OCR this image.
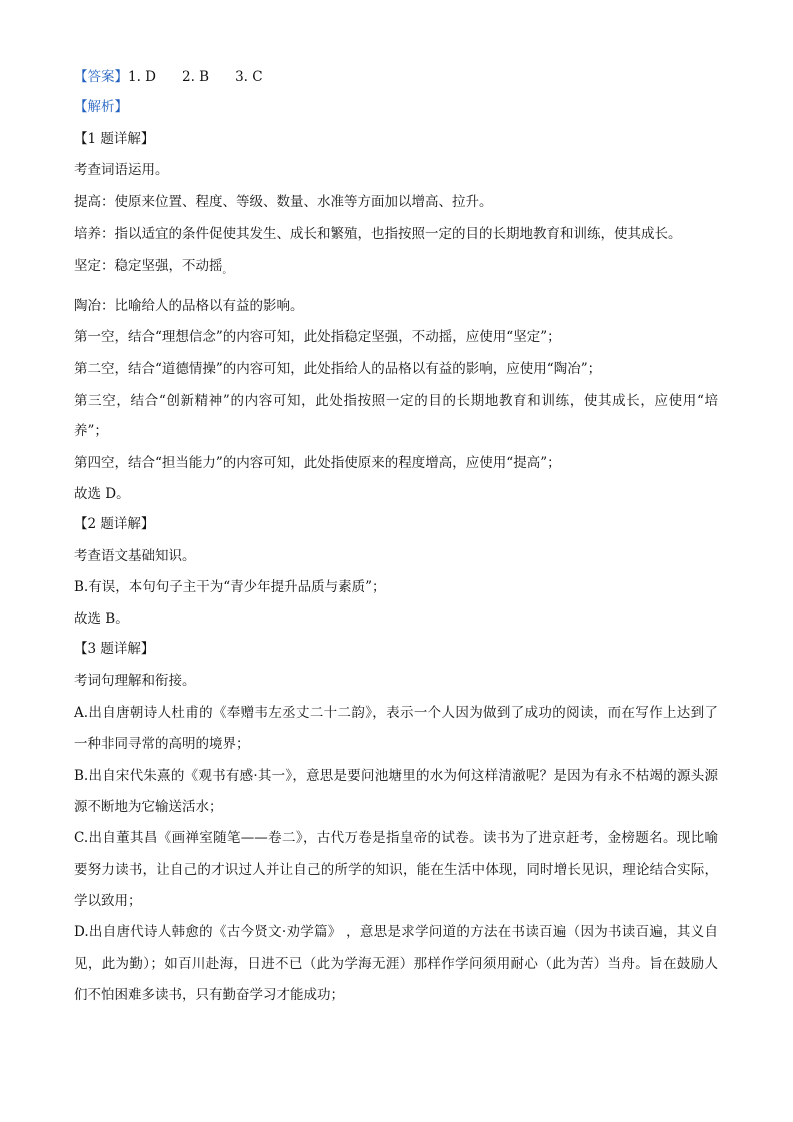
【答案】1. D 2. B 3. C
【解析】
【1 题详解】
考查词语运用。
提高：使原来位置、程度、等级、数量、水准等方面加以增高、拉升。
培养：指以适宜的条件促使其发生、成长和繁殖，也指按照一定的目的长期地教育和训练，使其成长。
坚定：稳定坚强，不动摇$_。$
陶冶：比喻给人的品格以有益的影响。
第一空，结合“理想信念”的内容可知，此处指稳定坚强，不动摇，应使用“坚定”；
第二空，结合“道德情操”的内容可知，此处指给人的品格以有益的影响，应使用“陶冶”；
第三空，结合“创新精神”的内容可知，此处指按照一定的目的长期地教育和训练，使其成长，应使用“培
养”；
第四空，结合“担当能力”的内容可知，此处指使原来的程度增高，应使用“提高”；
故选 D。
【2 题详解】
考查语文基础知识。
B.有误，本句句子主干为“青少年提升品质与素质”；
故选 B。
【3 题详解】
考词句理解和衔接。
A.出自唐朝诗人杜甫的《奉赠韦左丞丈二十二韵》，表示一个人因为做到了成功的阅读，而在写作上达到了
一种非同寻常的高明的境界；
B.出自宋代朱熹的《观书有感·其一》，意思是要问池塘里的水为何这样清澈呢？是因为有永不枯竭的源头源
源不断地为它输送活水；
C.出自董其昌《画禅室随笔——卷二》，古代万卷是指皇帝的试卷。读书为了进京赶考，金榜题名。现比喻
要努力读书，让自己的才识过人并让自己的所学的知识，能在生活中体现，同时增长见识，理论结合实际，
学以致用；
D.出自唐代诗人韩愈的《古今贤文·劝学篇》 ，意思是求学问道的方法在书读百遍（因为书读百遍，其义自
见，此为勤）；如百川赴海，日进不已（此为学海无涯）那样作学问须用耐心（此为苦）当舟。旨在鼓励人
们不怕困难多读书，只有勤奋学习才能成功；
